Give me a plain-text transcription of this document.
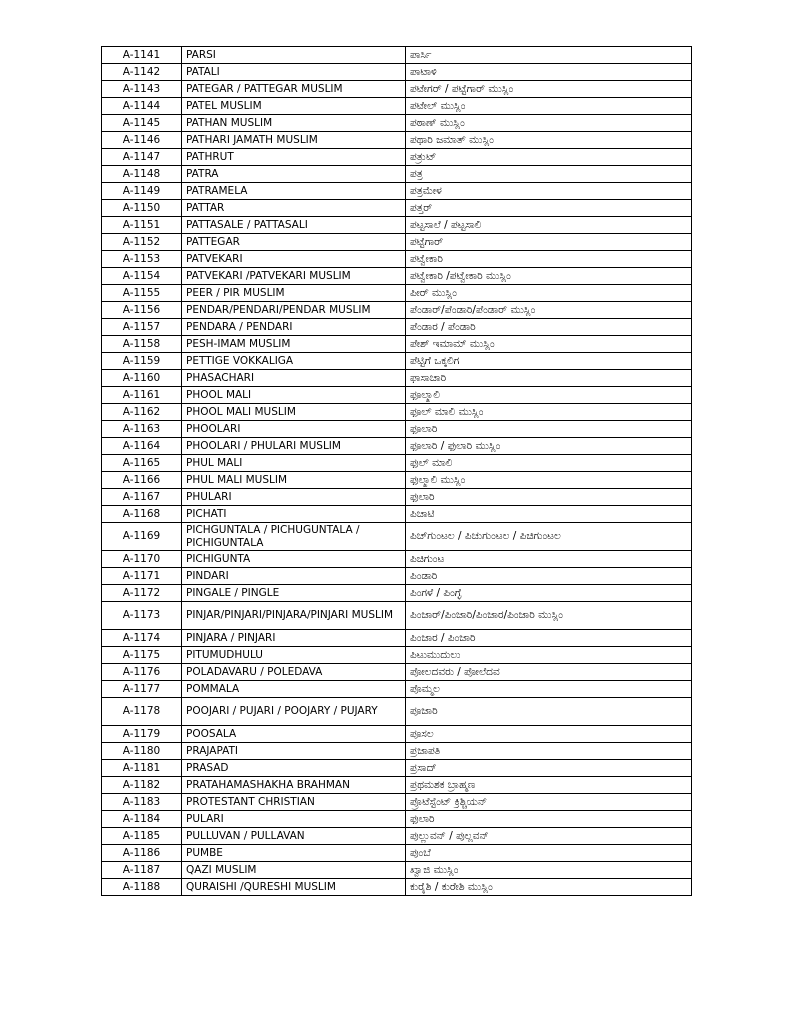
A-1141	PARSI	ಪಾರ್ಸಿ
A-1142	PATALI	ಪಾಟಾಳಿ
A-1143	PATEGAR / PATTEGAR MUSLIM	ಪಟೇಗರ್ / ಪಟ್ಟೆಗಾರ್ ಮುಸ್ಲಿಂ
A-1144	PATEL MUSLIM	ಪಟೇಲ್ ಮುಸ್ಲಿಂ
A-1145	PATHAN MUSLIM	ಪಠಾಣ್ ಮುಸ್ಲಿಂ
A-1146	PATHARI JAMATH MUSLIM	ಪಥಾರಿ ಜಮಾತ್ ಮುಸ್ಲಿಂ
A-1147	PATHRUT	ಪತ್ರುಟ್
A-1148	PATRA	ಪತ್ರ
A-1149	PATRAMELA	ಪತ್ರಮೇಳ
A-1150	PATTAR	ಪತ್ತರ್
A-1151	PATTASALE / PATTASALI	ಪಟ್ಟಸಾಲೆ / ಪಟ್ಟಸಾಲಿ
A-1152	PATTEGAR	ಪಟ್ಟೆಗಾರ್
A-1153	PATVEKARI	ಪಟ್ವೇಕಾರಿ
A-1154	PATVEKARI /PATVEKARI MUSLIM	ಪಟ್ವೇಕಾರಿ /ಪಟ್ವೇಕಾರಿ ಮುಸ್ಲಿಂ
A-1155	PEER / PIR MUSLIM	ಪೀರ್ ಮುಸ್ಲಿಂ
A-1156	PENDAR/PENDARI/PENDAR MUSLIM	ಪೆಂಡಾರ್/ಪೆಂಡಾರಿ/ಪೆಂಡಾರ್ ಮುಸ್ಲಿಂ
A-1157	PENDARA / PENDARI	ಪೆಂಡಾರ / ಪೆಂಡಾರಿ
A-1158	PESH-IMAM MUSLIM	ಪೇಶ್ ಇಮಾಮ್ ಮುಸ್ಲಿಂ
A-1159	PETTIGE VOKKALIGA	ಪೆಟ್ಟಿಗೆ ಒಕ್ಕಲಿಗ
A-1160	PHASACHARI	ಫಾಸಾಚಾರಿ
A-1161	PHOOL MALI	ಫೂಲ್ಮಾಲಿ
A-1162	PHOOL MALI MUSLIM	ಫೂಲ್ ಮಾಲಿ ಮುಸ್ಲಿಂ
A-1163	PHOOLARI	ಫೂಲಾರಿ
A-1164	PHOOLARI / PHULARI MUSLIM	ಫೂಲಾರಿ / ಫುಲಾರಿ ಮುಸ್ಲಿಂ
A-1165	PHUL MALI	ಫುಲ್ ಮಾಲಿ
A-1166	PHUL MALI MUSLIM	ಫುಲ್ಮಾಲಿ ಮುಸ್ಲಿಂ
A-1167	PHULARI	ಫುಲಾರಿ
A-1168	PICHATI	ಪಿಚಾಟಿ
A-1169	PICHGUNTALA / PICHUGUNTALA / PICHIGUNTALA	ಪಿಚ್‌ಗುಂಟಲ / ಪಿಚುಗುಂಟಲ / ಪಿಚಿಗುಂಟಲ
A-1170	PICHIGUNTA	ಪಿಚಿಗುಂಟ
A-1171	PINDARI	ಪಿಂಡಾರಿ
A-1172	PINGALE / PINGLE	ಪಿಂಗಳೆ / ಪಿಂಗ್ಳೆ
A-1173	PINJAR/PINJARI/PINJARA/PINJARI MUSLIM	ಪಿಂಜಾರ್/ಪಿಂಜಾರಿ/ಪಿಂಜಾರ/ಪಿಂಜಾರಿ ಮುಸ್ಲಿಂ
A-1174	PINJARA / PINJARI	ಪಿಂಜಾರ / ಪಿಂಜಾರಿ
A-1175	PITUMUDHULU	ಪಿಟುಮುದುಲು
A-1176	POLADAVARU / POLEDAVA	ಪೋಲದವರು / ಪೋಲೆದವ
A-1177	POMMALA	ಪೊಮ್ಮಲ
A-1178	POOJARI / PUJARI / POOJARY / PUJARY	ಪೂಜಾರಿ
A-1179	POOSALA	ಪೂಸಲ
A-1180	PRAJAPATI	ಪ್ರಜಾಪತಿ
A-1181	PRASAD	ಪ್ರಸಾದ್
A-1182	PRATAHAMASHAKHA BRAHMAN	ಪ್ರಥಮಶಕ ಬ್ರಾಹ್ಮಣ
A-1183	PROTESTANT CHRISTIAN	ಪ್ರೊಟೆಸ್ಟೆಂಟ್ ಕ್ರಿಶ್ಚಿಯನ್
A-1184	PULARI	ಫುಲಾರಿ
A-1185	PULLUVAN / PULLAVAN	ಪುಲ್ಲುವನ್ / ಪುಲ್ಲವನ್
A-1186	PUMBE	ಪುಂಬೆ
A-1187	QAZI MUSLIM	ಖ್ವಾಜಿ ಮುಸ್ಲಿಂ
A-1188	QURAISHI /QURESHI MUSLIM	ಕುರೈಶಿ / ಕುರೇಶಿ ಮುಸ್ಲಿಂ
